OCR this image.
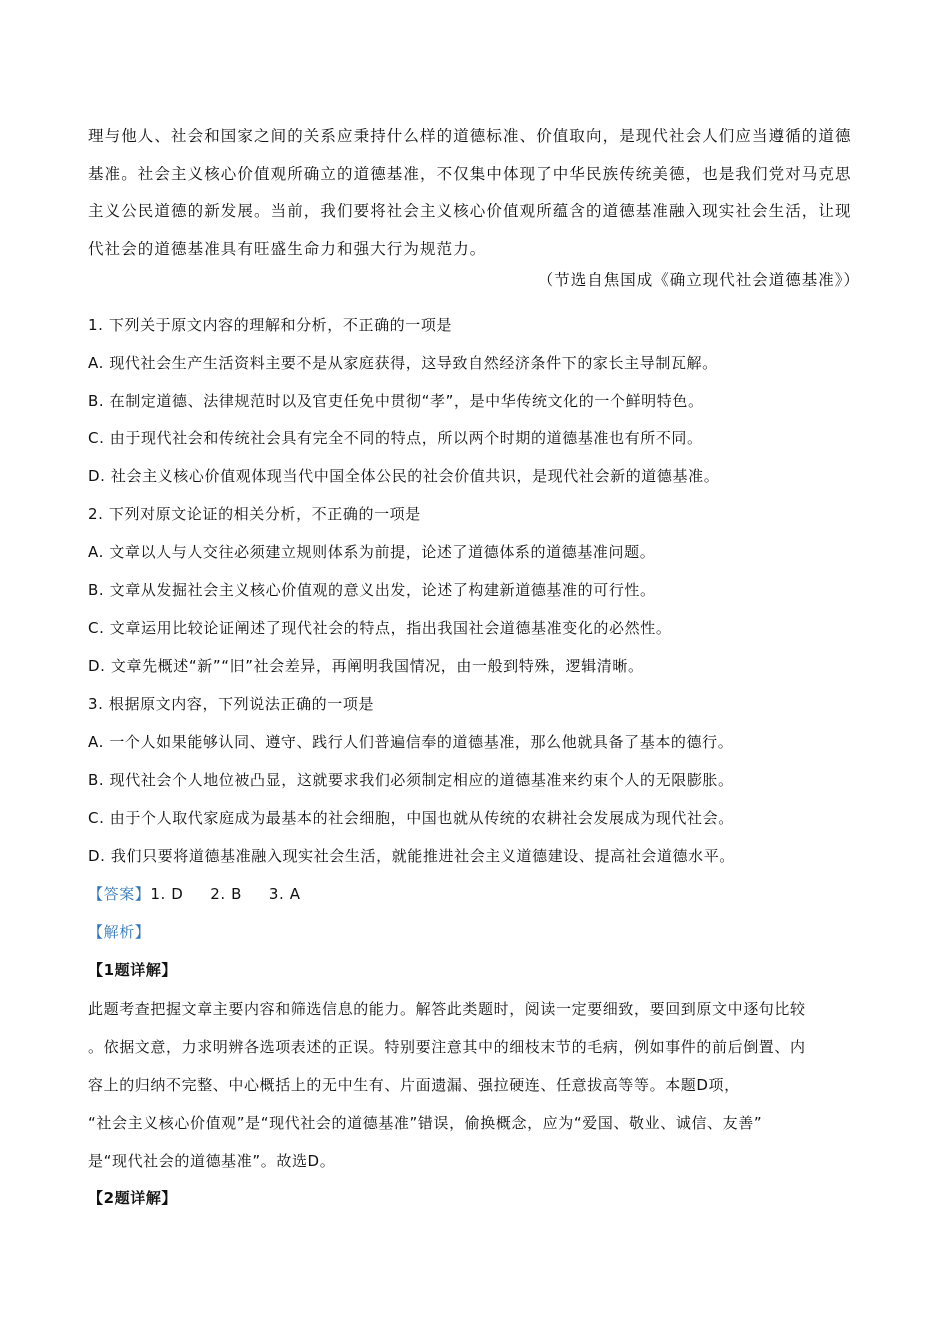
理与他人、社会和国家之间的关系应秉持什么样的道德标准、价值取向，是现代社会人们应当遵循的道德

基准。社会主义核心价值观所确立的道德基准，不仅集中体现了中华民族传统美德，也是我们党对马克思

主义公民道德的新发展。当前，我们要将社会主义核心价值观所蕴含的道德基准融入现实社会生活，让现

代社会的道德基准具有旺盛生命力和强大行为规范力。

（节选自焦国成《确立现代社会道德基准》）
1. 下列关于原文内容的理解和分析，不正确的一项是
A. 现代社会生产生活资料主要不是从家庭获得，这导致自然经济条件下的家长主导制瓦解。
B. 在制定道德、法律规范时以及官吏任免中贯彻“孝”，是中华传统文化的一个鲜明特色。
C. 由于现代社会和传统社会具有完全不同的特点，所以两个时期的道德基准也有所不同。
D. 社会主义核心价值观体现当代中国全体公民的社会价值共识，是现代社会新的道德基准。
2. 下列对原文论证的相关分析，不正确的一项是
A. 文章以人与人交往必须建立规则体系为前提，论述了道德体系的道德基准问题。
B. 文章从发掘社会主义核心价值观的意义出发，论述了构建新道德基准的可行性。
C. 文章运用比较论证阐述了现代社会的特点，指出我国社会道德基准变化的必然性。
D. 文章先概述“新”“旧”社会差异，再阐明我国情况，由一般到特殊，逻辑清晰。
3. 根据原文内容，下列说法正确的一项是
A. 一个人如果能够认同、遵守、践行人们普遍信奉的道德基准，那么他就具备了基本的德行。
B. 现代社会个人地位被凸显，这就要求我们必须制定相应的道德基准来约束个人的无限膨胀。
C. 由于个人取代家庭成为最基本的社会细胞，中国也就从传统的农耕社会发展成为现代社会。
D. 我们只要将道德基准融入现实社会生活，就能推进社会主义道德建设、提高社会道德水平。
【答案】1. D     2. B     3. A
【解析】
【1题详解】

此题考查把握文章主要内容和筛选信息的能力。解答此类题时，阅读一定要细致，要回到原文中逐句比较

。依据文意，力求明辨各选项表述的正误。特别要注意其中的细枝末节的毛病，例如事件的前后倒置、内

容上的归纳不完整、中心概括上的无中生有、片面遗漏、强拉硬连、任意拔高等等。本题D项，

“社会主义核心价值观”是“现代社会的道德基准”错误，偷换概念，应为“爱国、敬业、诚信、友善”

是“现代社会的道德基准”。故选D。

【2题详解】
